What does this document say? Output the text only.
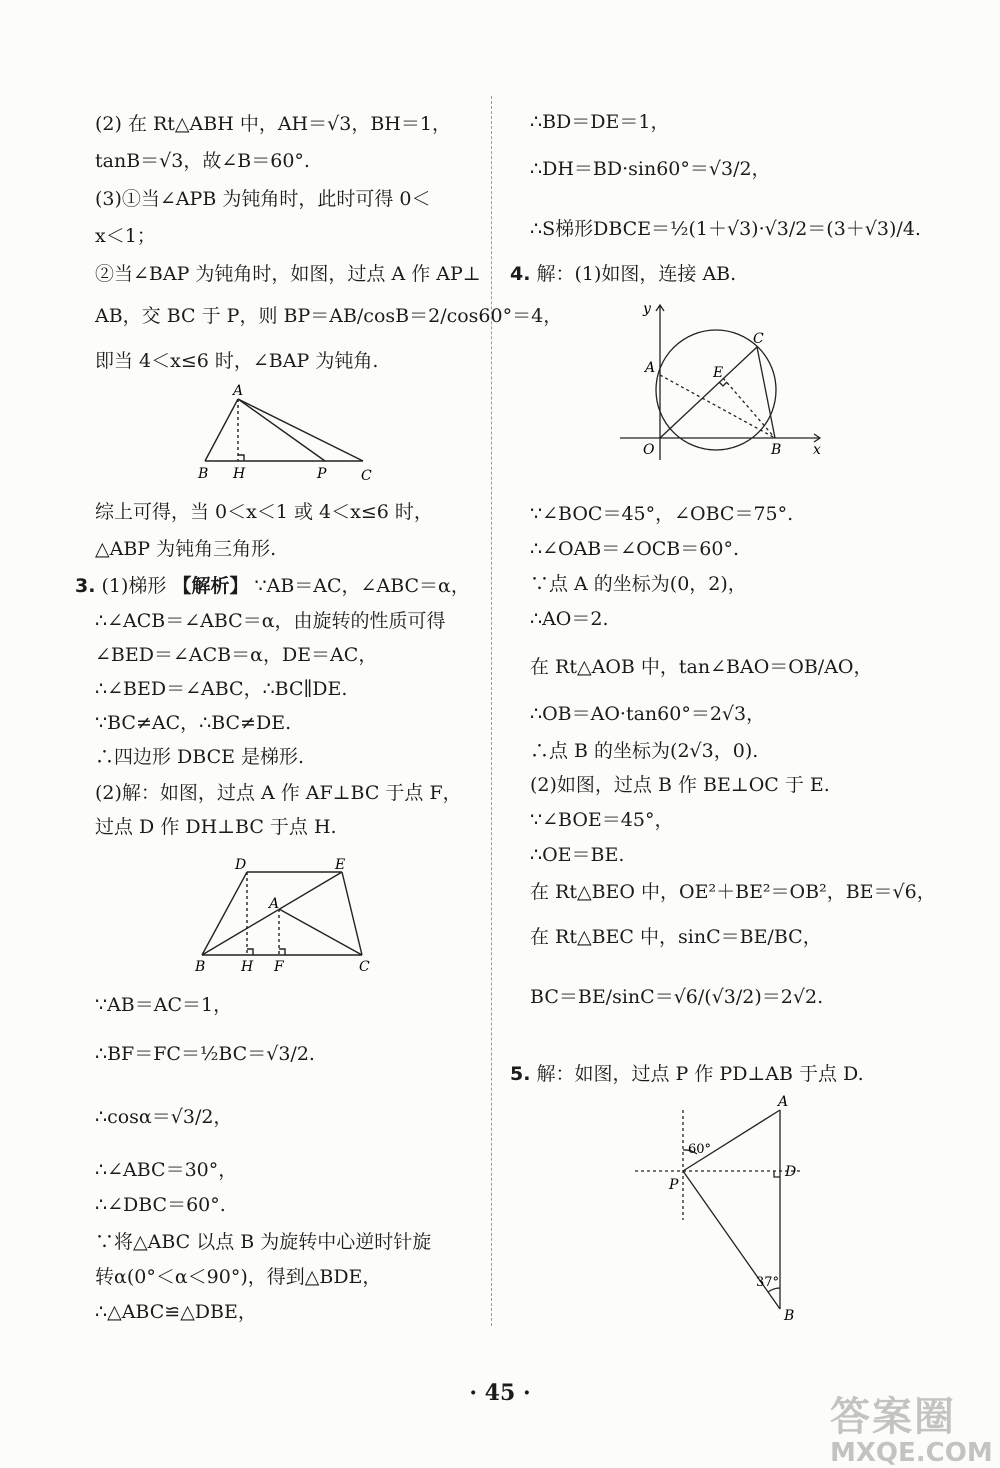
(2) 在 Rt△ABH 中，AH＝√3，BH＝1，
tanB＝√3，故∠B＝60°.
(3)①当∠APB 为钝角时，此时可得 0＜
x＜1；
②当∠BAP 为钝角时，如图，过点 A 作 AP⊥
AB，交 BC 于 P，则 BP＝AB/cosB＝2/cos60°＝4，
即当 4＜x≤6 时，∠BAP 为钝角.
A
B H	P C
综上可得，当 0＜x＜1 或 4＜x≤6 时，
△ABP 为钝角三角形.
3. (1)梯形 【解析】 ∵AB＝AC，∠ABC＝α，
∴∠ACB＝∠ABC＝α，由旋转的性质可得
∠BED＝∠ACB＝α，DE＝AC，
∴∠BED＝∠ABC，∴BC∥DE.
∵BC≠AC，∴BC≠DE.
∴四边形 DBCE 是梯形.
(2)解：如图，过点 A 作 AF⊥BC 于点 F，
过点 D 作 DH⊥BC 于点 H.
D	E
A
B	H F	C
∵AB＝AC＝1，
∴BF＝FC＝½BC＝√3/2.
∴cosα＝√3/2，
∴∠ABC＝30°，
∴∠DBC＝60°.
∵将△ABC 以点 B 为旋转中心逆时针旋
转α(0°＜α＜90°)，得到△BDE，
∴△ABC≌△DBE，
∴BD＝DE＝1，
∴DH＝BD·sin60°＝√3/2，
∴S梯形DBCE＝½(1＋√3)·√3/2＝(3＋√3)/4.
4. 解：(1)如图，连接 AB.
y
C
A	E
O	B x
∵∠BOC＝45°，∠OBC＝75°.
∴∠OAB＝∠OCB＝60°.
∵点 A 的坐标为(0，2)，
∴AO＝2.
在 Rt△AOB 中，tan∠BAO＝OB/AO，
∴OB＝AO·tan60°＝2√3，
∴点 B 的坐标为(2√3，0).
(2)如图，过点 B 作 BE⊥OC 于 E.
∵∠BOE＝45°，
∴OE＝BE.
在 Rt△BEO 中，OE²＋BE²＝OB²，BE＝√6，
在 Rt△BEC 中，sinC＝BE/BC，
BC＝BE/sinC＝√6/(√3/2)＝2√2.
5. 解：如图，过点 P 作 PD⊥AB 于点 D.
A
60°
D
P
37°
B
· 45 ·
答案圈
MXQE.COM
